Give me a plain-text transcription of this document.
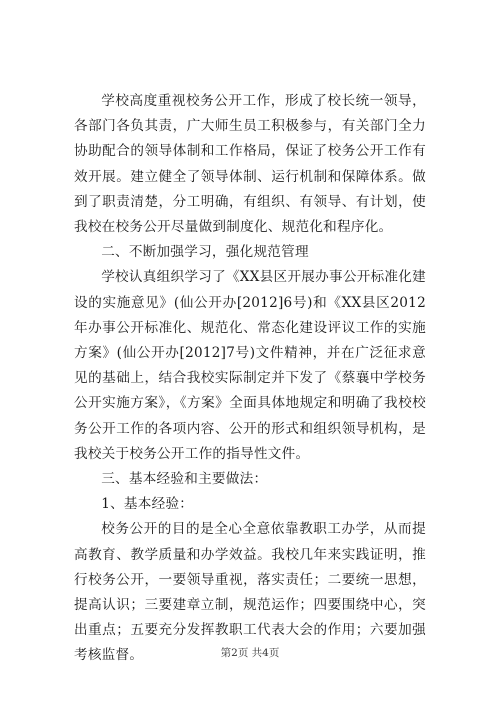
学校高度重视校务公开工作，形成了校长统一领导，各部门各负其责，广大师生员工积极参与，有关部门全力协助配合的领导体制和工作格局，保证了校务公开工作有效开展。建立健全了领导体制、运行机制和保障体系。做到了职责清楚，分工明确，有组织、有领导、有计划，使我校在校务公开尽量做到制度化、规范化和程序化。

二、不断加强学习，强化规范管理

学校认真组织学习了《XX县区开展办事公开标准化建设的实施意见》(仙公开办[2012]6号)和《XX县区2012年办事公开标准化、规范化、常态化建设评议工作的实施方案》(仙公开办[2012]7号)文件精神，并在广泛征求意见的基础上，结合我校实际制定并下发了《蔡襄中学校务公开实施方案》，《方案》全面具体地规定和明确了我校校务公开工作的各项内容、公开的形式和组织领导机构，是我校关于校务公开工作的指导性文件。

三、基本经验和主要做法：

1、基本经验：

校务公开的目的是全心全意依靠教职工办学，从而提高教育、教学质量和办学效益。我校几年来实践证明，推行校务公开，一要领导重视，落实责任；二要统一思想，提高认识；三要建章立制，规范运作；四要围绕中心，突出重点；五要充分发挥教职工代表大会的作用；六要加强考核监督。	第2页 共4页
